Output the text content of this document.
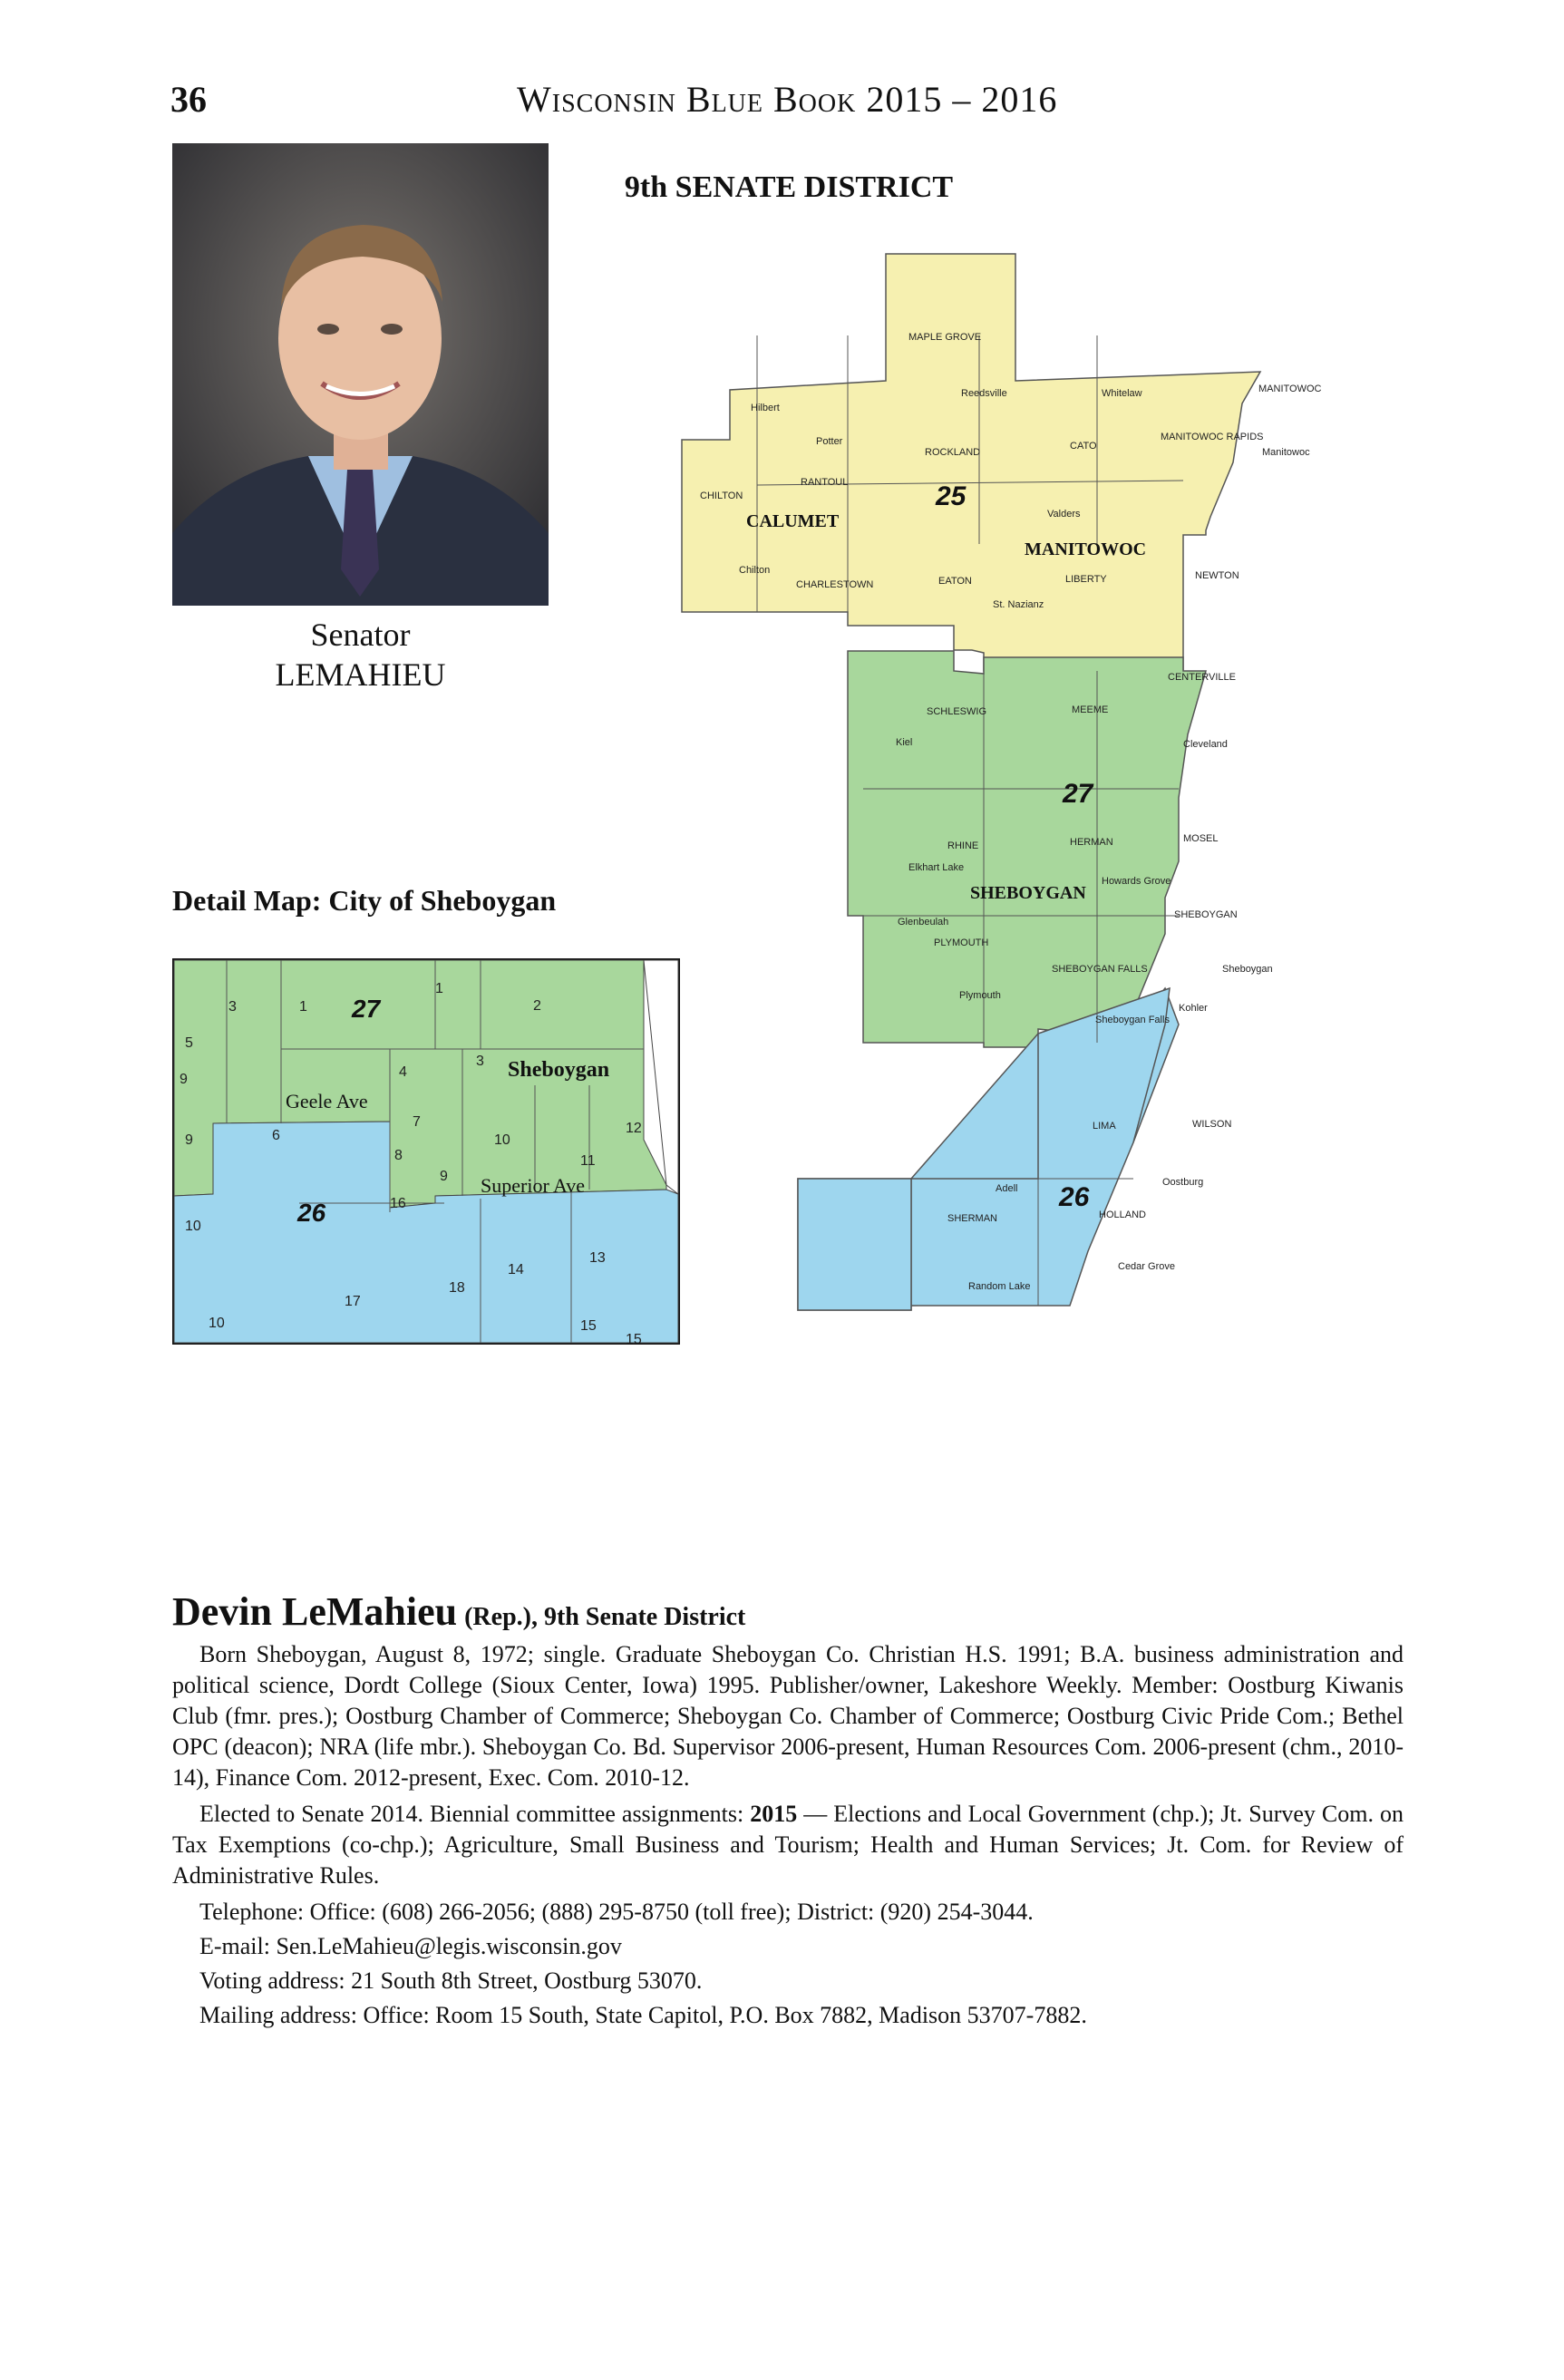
36	Wisconsin Blue Book 2015 – 2016
Senator
LEMAHIEU
9th SENATE DISTRICT
25
27
26
CALUMET
MANITOWOC
SHEBOYGAN
MAPLE GROVE
Reedsville	Whitelaw	MANITOWOC
Hilbert
Potter
ROCKLAND
CATO
MANITOWOC RAPIDS
Manitowoc
CHILTON
RANTOUL
Valders
Chilton
CHARLESTOWN	EATON	LIBERTY	NEWTON
St. Nazianz
CENTERVILLE
SCHLESWIG	MEEME
Kiel	Cleveland
RHINE	HERMAN	MOSEL
Elkhart Lake
Howards Grove
Glenbeulah
SHEBOYGAN
PLYMOUTH
SHEBOYGAN FALLS	Sheboygan
Plymouth
Kohler
Sheboygan Falls
LIMA	WILSON
Adell
Oostburg
SHERMAN	HOLLAND
Cedar Grove
Random Lake
Detail Map: City of Sheboygan
3	1
1
2
5
9	4
3
12
7
6	10
8	11
9
9
16
10
13
14
17
18
10	15
15
Sheboygan
Geele Ave
Superior Ave
27
26
Devin LeMahieu (Rep.), 9th Senate District

Born Sheboygan, August 8, 1972; single. Graduate Sheboygan Co. Christian H.S. 1991; B.A. business administration and political science, Dordt College (Sioux Center, Iowa) 1995. Publisher/owner, Lakeshore Weekly. Member: Oostburg Kiwanis Club (fmr. pres.); Oostburg Chamber of Commerce; Sheboygan Co. Chamber of Commerce; Oostburg Civic Pride Com.; Bethel OPC (deacon); NRA (life mbr.). Sheboygan Co. Bd. Supervisor 2006-present, Human Resources Com. 2006-present (chm., 2010-14), Finance Com. 2012-present, Exec. Com. 2010-12.

Elected to Senate 2014. Biennial committee assignments: 2015 — Elections and Local Government (chp.); Jt. Survey Com. on Tax Exemptions (co-chp.); Agriculture, Small Business and Tourism; Health and Human Services; Jt. Com. for Review of Administrative Rules.

Telephone: Office: (608) 266-2056; (888) 295-8750 (toll free); District: (920) 254-3044.

E-mail: Sen.LeMahieu@legis.wisconsin.gov

Voting address: 21 South 8th Street, Oostburg 53070.

Mailing address: Office: Room 15 South, State Capitol, P.O. Box 7882, Madison 53707-7882.
